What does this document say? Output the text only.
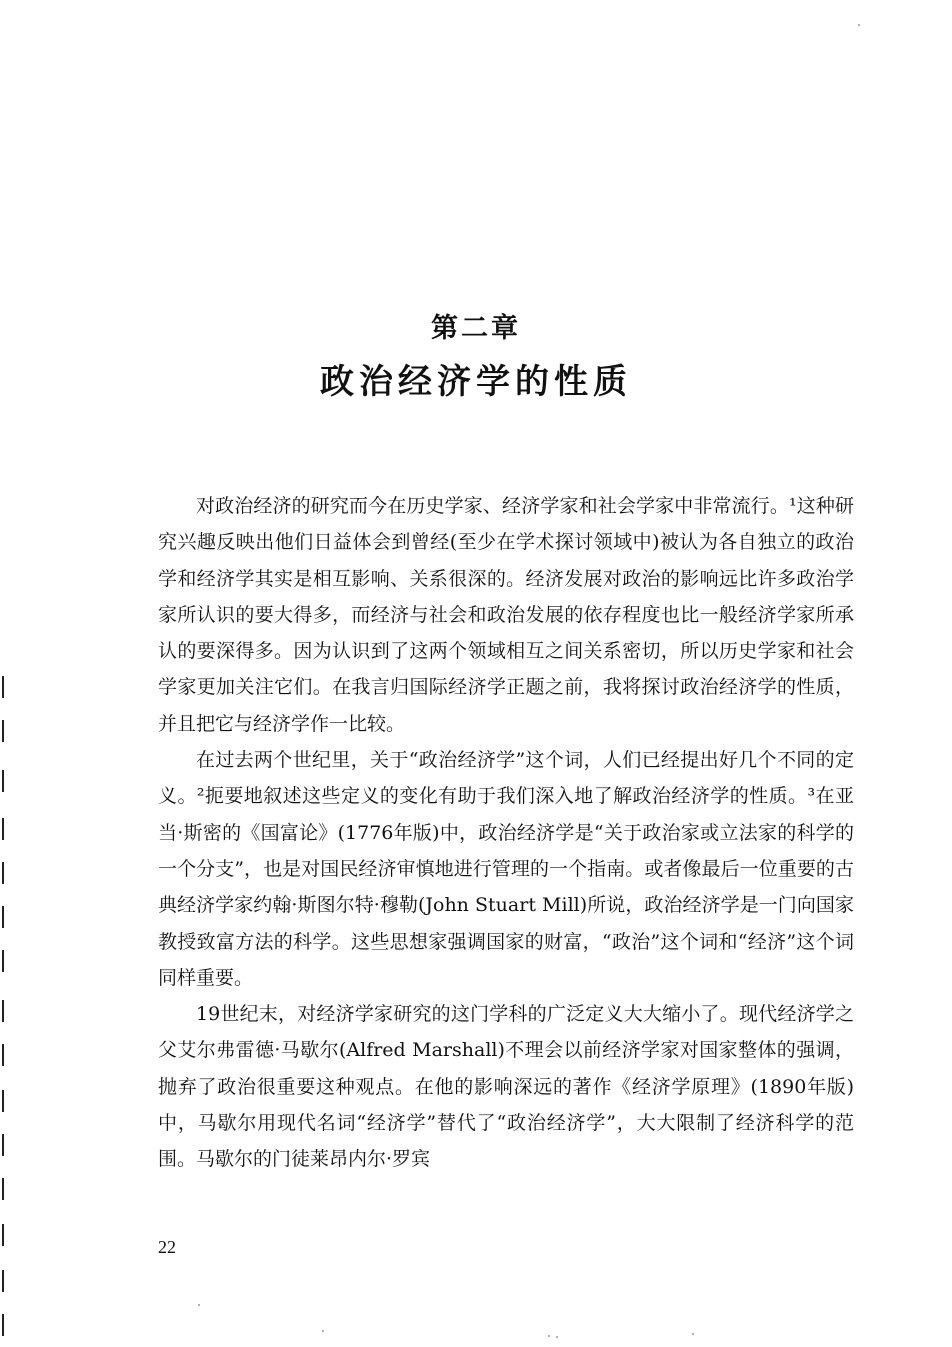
第二章
政治经济学的性质

对政治经济的研究而今在历史学家、经济学家和社会学家中非常流行。¹这种研究兴趣反映出他们日益体会到曾经(至少在学术探讨领域中)被认为各自独立的政治学和经济学其实是相互影响、关系很深的。经济发展对政治的影响远比许多政治学家所认识的要大得多，而经济与社会和政治发展的依存程度也比一般经济学家所承认的要深得多。因为认识到了这两个领域相互之间关系密切，所以历史学家和社会学家更加关注它们。在我言归国际经济学正题之前，我将探讨政治经济学的性质，并且把它与经济学作一比较。

在过去两个世纪里，关于“政治经济学”这个词，人们已经提出好几个不同的定义。²扼要地叙述这些定义的变化有助于我们深入地了解政治经济学的性质。³在亚当·斯密的《国富论》(1776年版)中，政治经济学是“关于政治家或立法家的科学的一个分支”，也是对国民经济审慎地进行管理的一个指南。或者像最后一位重要的古典经济学家约翰·斯图尔特·穆勒(John Stuart Mill)所说，政治经济学是一门向国家教授致富方法的科学。这些思想家强调国家的财富，“政治”这个词和“经济”这个词同样重要。

19世纪末，对经济学家研究的这门学科的广泛定义大大缩小了。现代经济学之父艾尔弗雷德·马歇尔(Alfred Marshall)不理会以前经济学家对国家整体的强调，抛弃了政治很重要这种观点。在他的影响深远的著作《经济学原理》(1890年版)中，马歇尔用现代名词“经济学”替代了“政治经济学”，大大限制了经济科学的范围。马歇尔的门徒莱昂内尔·罗宾

22
